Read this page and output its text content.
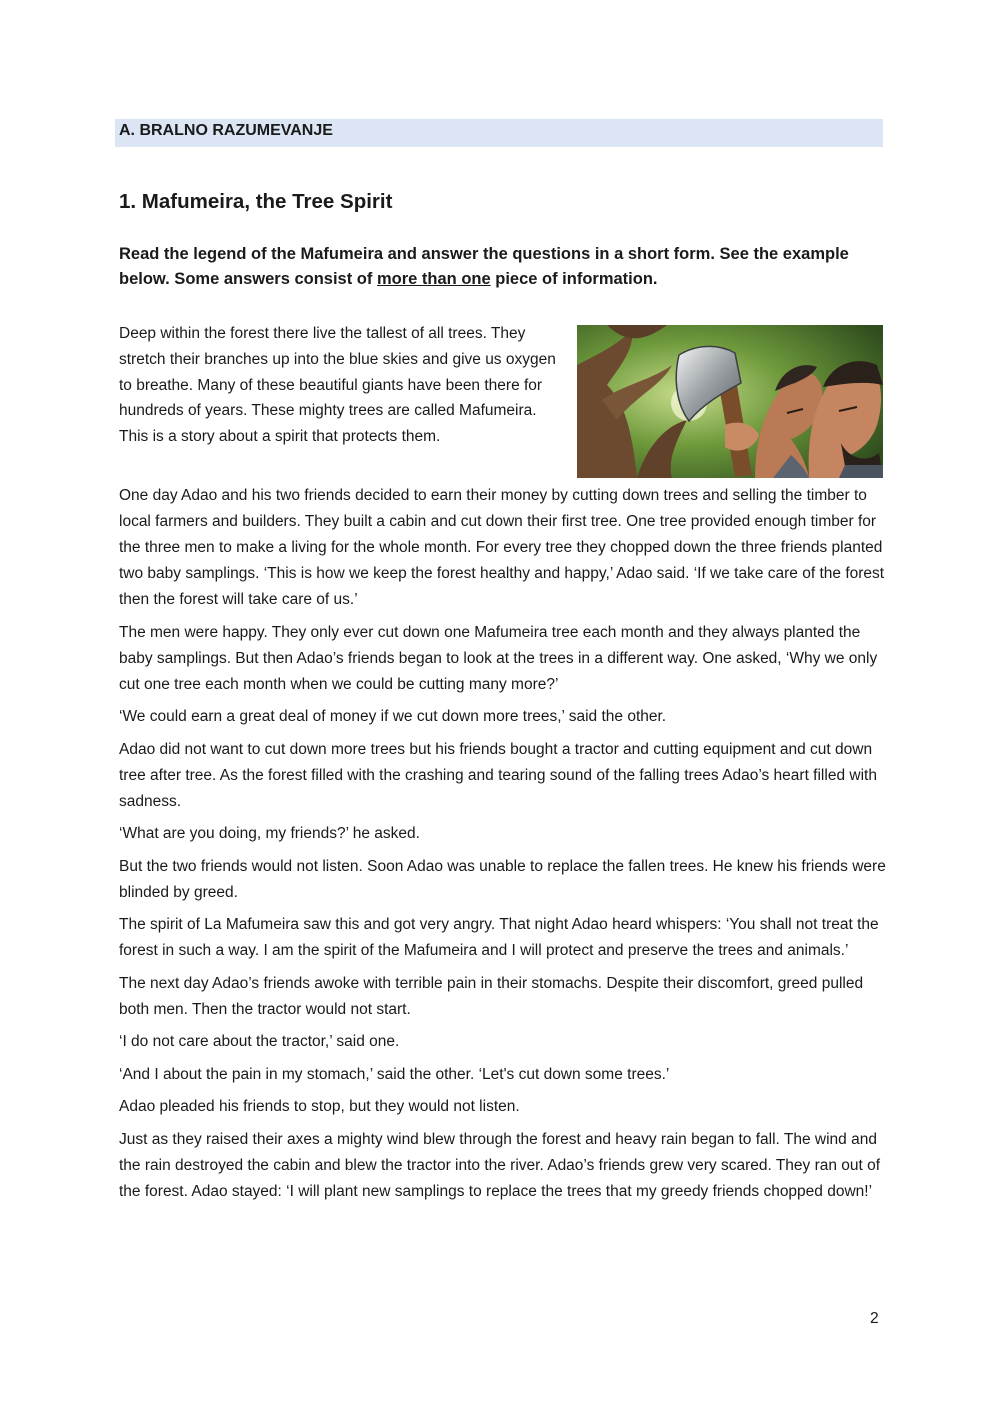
A. BRALNO RAZUMEVANJE
1. Mafumeira, the Tree Spirit
Read the legend of the Mafumeira and answer the questions in a short form. See the example below. Some answers consist of more than one piece of information.
Deep within the forest there live the tallest of all trees. They stretch their branches up into the blue skies and give us oxygen to breathe. Many of these beautiful giants have been there for hundreds of years. These mighty trees are called Mafumeira. This is a story about a spirit that protects them.

One day Adao and his two friends decided to earn their money by cutting down trees and selling the timber to local farmers and builders. They built a cabin and cut down their first tree. One tree provided enough timber for the three men to make a living for the whole month. For every tree they chopped down the three friends planted two baby samplings. ‘This is how we keep the forest healthy and happy,’ Adao said. ‘If we take care of the forest then the forest will take care of us.’

The men were happy. They only ever cut down one Mafumeira tree each month and they always planted the baby samplings. But then Adao’s friends began to look at the trees in a different way. One asked, ‘Why we only cut one tree each month when we could be cutting many more?’

‘We could earn a great deal of money if we cut down more trees,’ said the other.

Adao did not want to cut down more trees but his friends bought a tractor and cutting equipment and cut down tree after tree. As the forest filled with the crashing and tearing sound of the falling trees Adao’s heart filled with sadness.

‘What are you doing, my friends?’ he asked.

But the two friends would not listen. Soon Adao was unable to replace the fallen trees. He knew his friends were blinded by greed.

The spirit of La Mafumeira saw this and got very angry. That night Adao heard whispers: ‘You shall not treat the forest in such a way. I am the spirit of the Mafumeira and I will protect and preserve the trees and animals.’

The next day Adao’s friends awoke with terrible pain in their stomachs. Despite their discomfort, greed pulled both men. Then the tractor would not start.

‘I do not care about the tractor,’ said one.

‘And I about the pain in my stomach,’ said the other. ‘Let's cut down some trees.’

Adao pleaded his friends to stop, but they would not listen.

Just as they raised their axes a mighty wind blew through the forest and heavy rain began to fall. The wind and the rain destroyed the cabin and blew the tractor into the river. Adao’s friends grew very scared. They ran out of the forest. Adao stayed: ‘I will plant new samplings to replace the trees that my greedy friends chopped down!’

2
